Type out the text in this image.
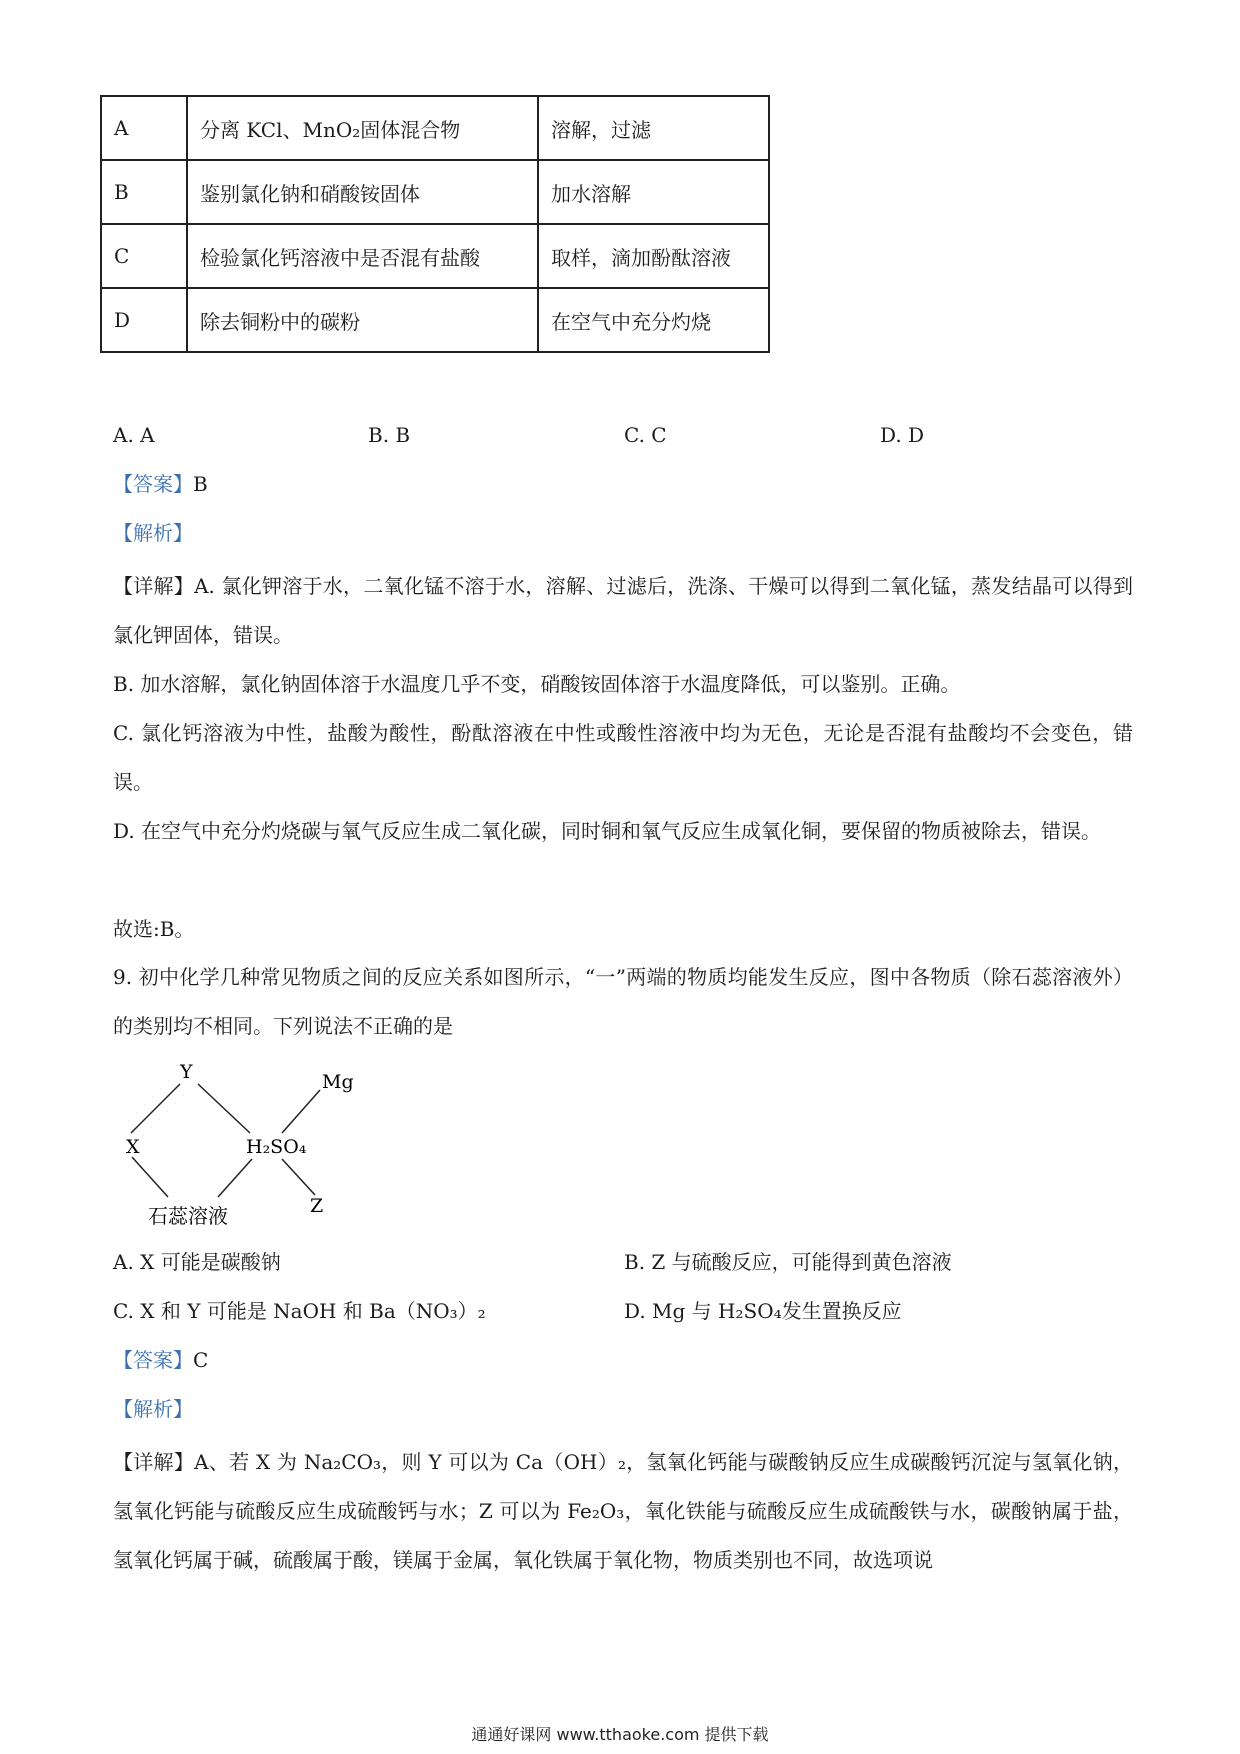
A	分离 KCl、MnO₂固体混合物	溶解，过滤
B	鉴别氯化钠和硝酸铵固体	加水溶解
C	检验氯化钙溶液中是否混有盐酸	取样，滴加酚酞溶液
D	除去铜粉中的碳粉	在空气中充分灼烧
A. A	B. B	C. C	D. D
【答案】B
【解析】
【详解】A. 氯化钾溶于水，二氧化锰不溶于水，溶解、过滤后，洗涤、干燥可以得到二氧化锰，蒸发结晶可以得到氯化钾固体，错误。
B. 加水溶解，氯化钠固体溶于水温度几乎不变，硝酸铵固体溶于水温度降低，可以鉴别。正确。
C. 氯化钙溶液为中性，盐酸为酸性，酚酞溶液在中性或酸性溶液中均为无色，无论是否混有盐酸均不会变色，错误。
D. 在空气中充分灼烧碳与氧气反应生成二氧化碳，同时铜和氧气反应生成氧化铜，要保留的物质被除去，错误。
故选:B。
9. 初中化学几种常见物质之间的反应关系如图所示，“一”两端的物质均能发生反应，图中各物质（除石蕊溶液外）的类别均不相同。下列说法不正确的是
Y
X	H₂SO₄
Mg
Z
石蕊溶液
A. X 可能是碳酸钠	B. Z 与硫酸反应，可能得到黄色溶液
C. X 和 Y 可能是 NaOH 和 Ba（NO₃）₂	D. Mg 与 H₂SO₄发生置换反应
【答案】C
【解析】
【详解】A、若 X 为 Na₂CO₃，则 Y 可以为 Ca（OH）₂，氢氧化钙能与碳酸钠反应生成碳酸钙沉淀与氢氧化钠，氢氧化钙能与硫酸反应生成硫酸钙与水；Z 可以为 Fe₂O₃，氧化铁能与硫酸反应生成硫酸铁与水，碳酸钠属于盐，氢氧化钙属于碱，硫酸属于酸，镁属于金属，氧化铁属于氧化物，物质类别也不同，故选项说
通通好课网 www.tthaoke.com 提供下载
